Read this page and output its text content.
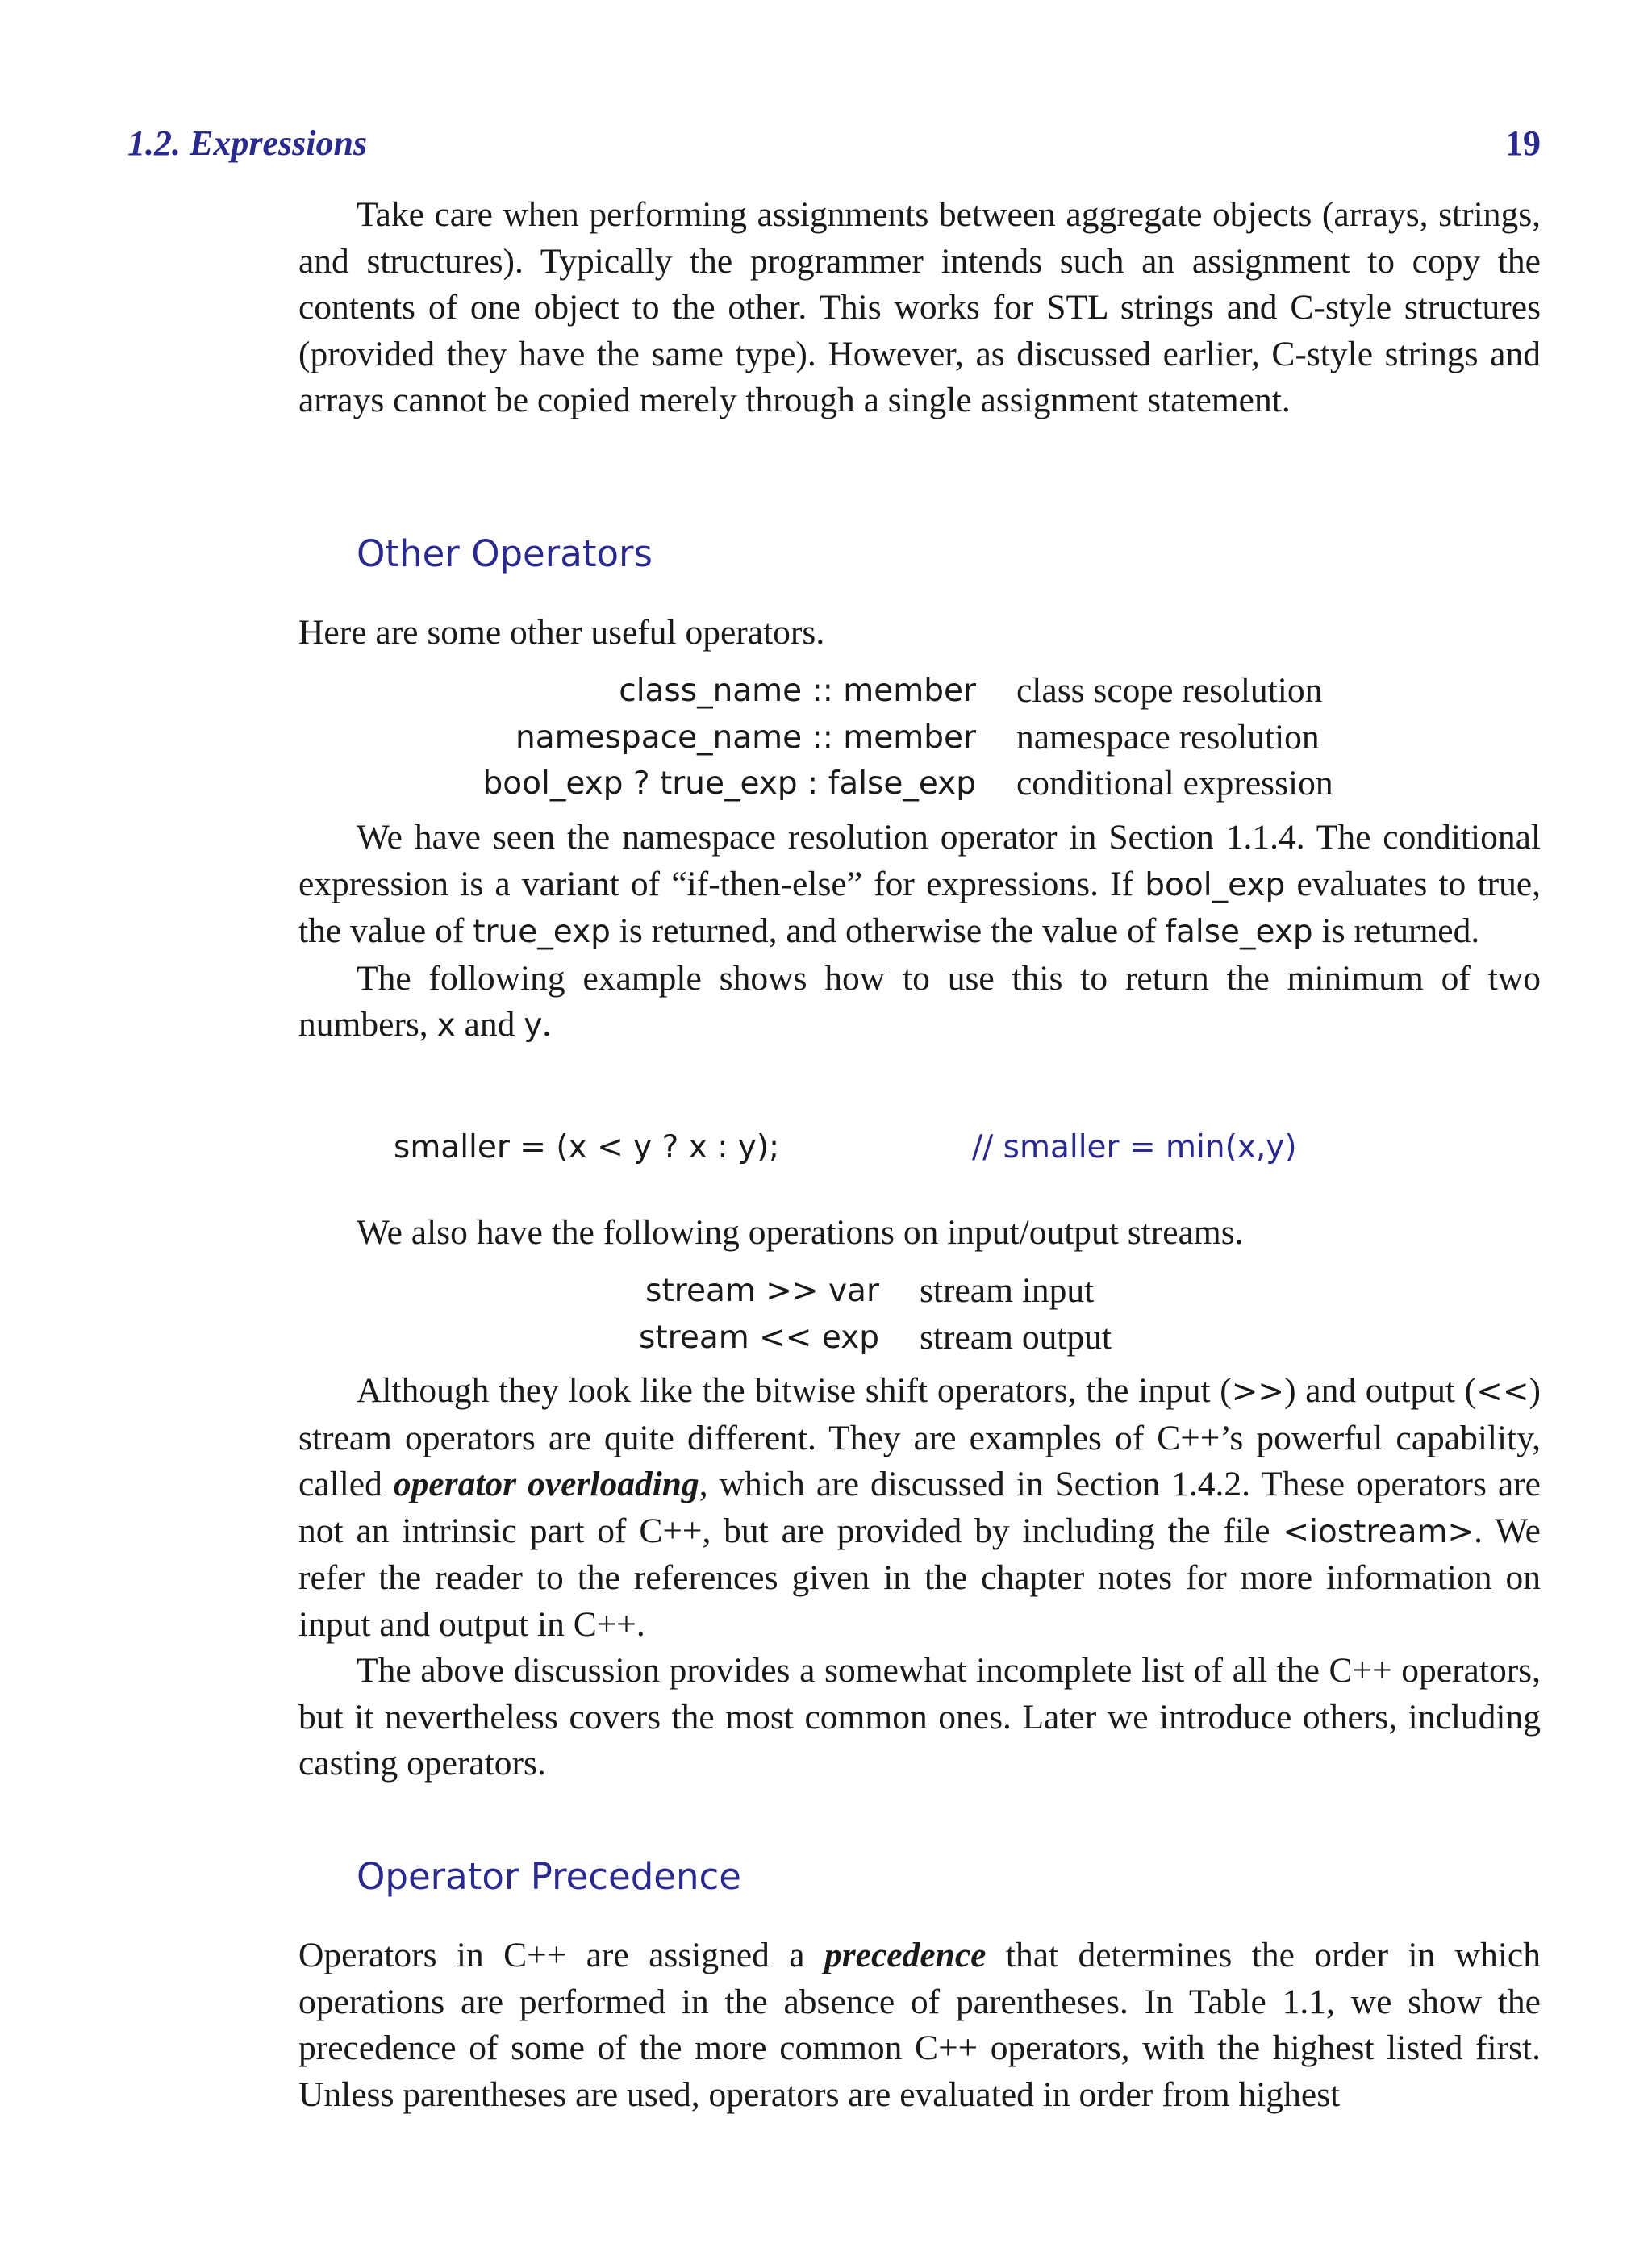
1.2. Expressions	19

Take care when performing assignments between aggregate objects (arrays, strings, and structures). Typically the programmer intends such an assignment to copy the contents of one object to the other. This works for STL strings and C-style structures (provided they have the same type). However, as discussed earlier, C-style strings and arrays cannot be copied merely through a single assignment statement.

Other Operators

Here are some other useful operators.

class_name :: member	class scope resolution
namespace_name :: member	namespace resolution
bool_exp ? true_exp : false_exp	conditional expression

We have seen the namespace resolution operator in Section 1.1.4. The conditional expression is a variant of “if-then-else” for expressions. If bool_exp evaluates to true, the value of true_exp is returned, and otherwise the value of false_exp is returned.

The following example shows how to use this to return the minimum of two numbers, x and y.

smaller = (x < y ? x : y);	// smaller = min(x,y)

We also have the following operations on input/output streams.

stream >> var	stream input
stream << exp	stream output

Although they look like the bitwise shift operators, the input (>>) and output (<<) stream operators are quite different. They are examples of C++’s powerful capability, called operator overloading, which are discussed in Section 1.4.2. These operators are not an intrinsic part of C++, but are provided by including the file <iostream>. We refer the reader to the references given in the chapter notes for more information on input and output in C++.

The above discussion provides a somewhat incomplete list of all the C++ operators, but it nevertheless covers the most common ones. Later we introduce others, including casting operators.

Operator Precedence

Operators in C++ are assigned a precedence that determines the order in which operations are performed in the absence of parentheses. In Table 1.1, we show the precedence of some of the more common C++ operators, with the highest listed first. Unless parentheses are used, operators are evaluated in order from highest
